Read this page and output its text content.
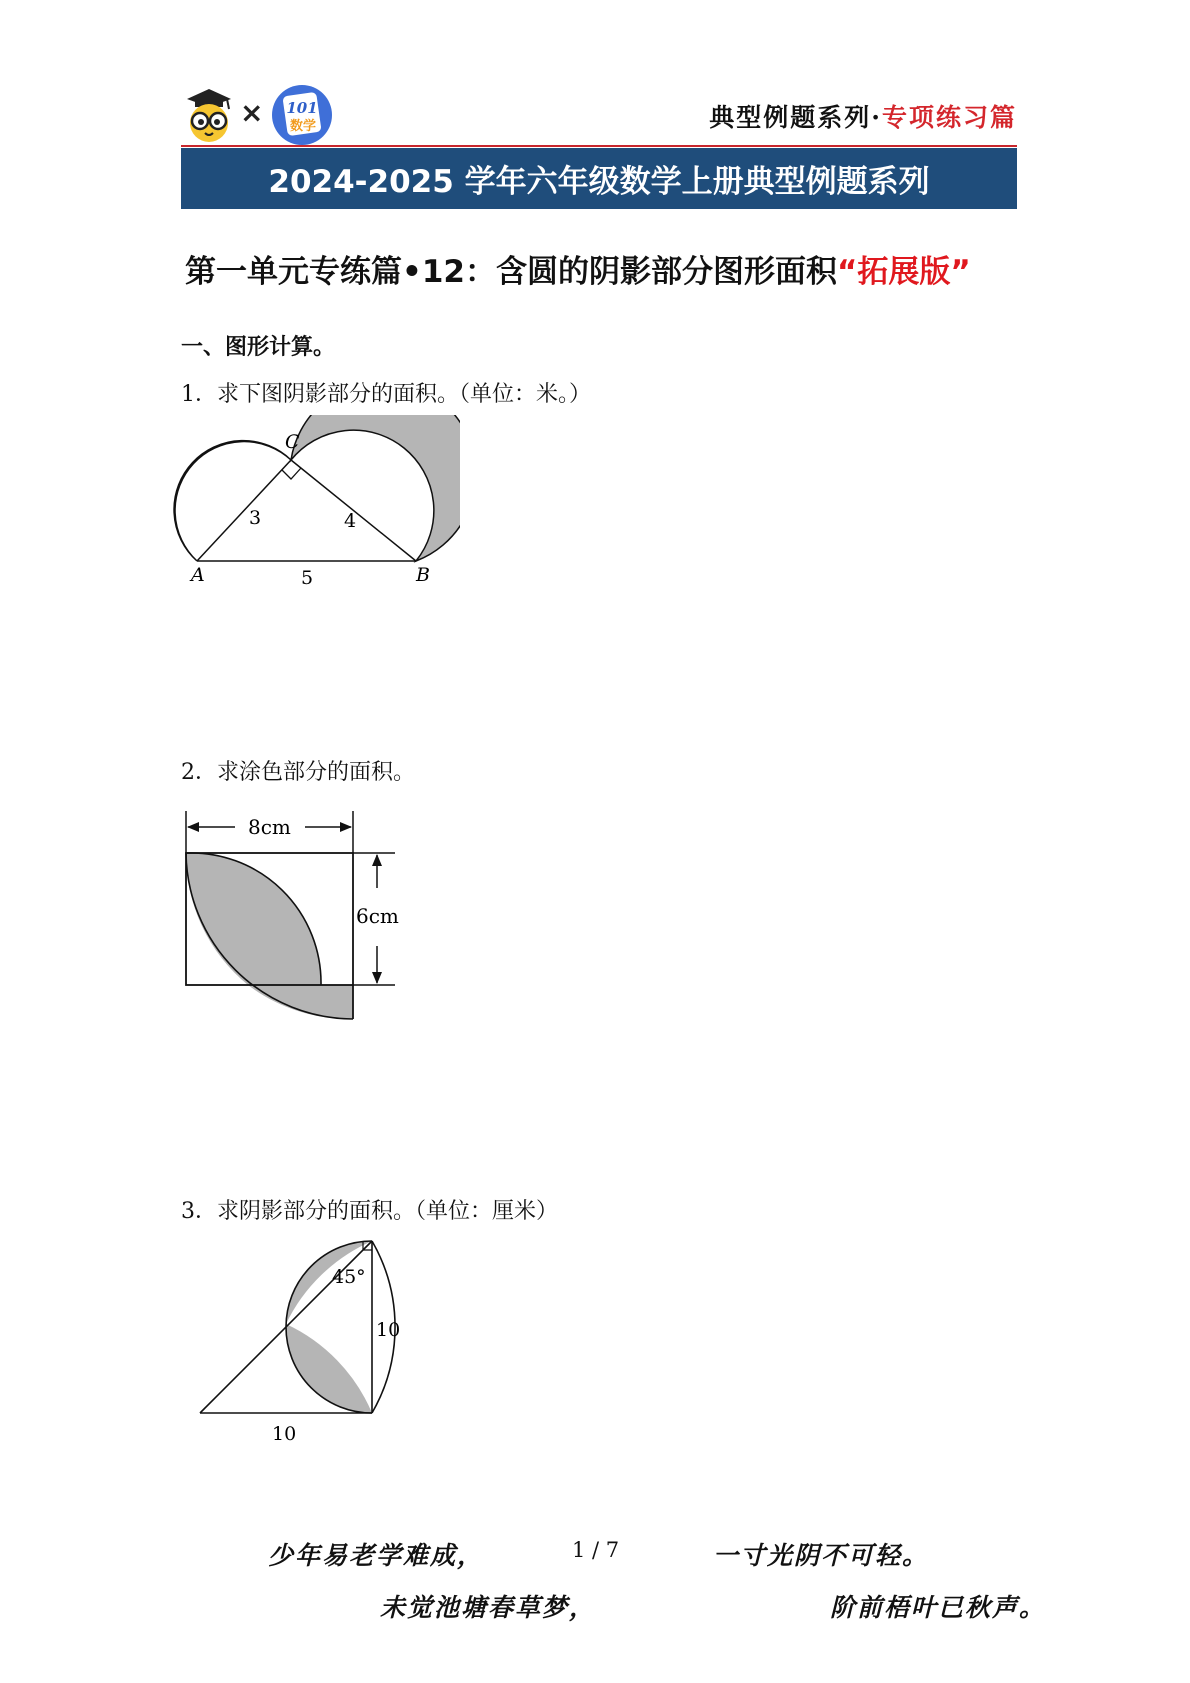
× 101
数学	典型例题系列·专项练习篇
2024-2025 学年六年级数学上册典型例题系列
第一单元专练篇•12：含圆的阴影部分图形面积“拓展版”
一、图形计算。
1．求下图阴影部分的面积。（单位：米。）
C
A	B
3	4
5
2．求涂色部分的面积。
8cm
6cm
3．求阴影部分的面积。（单位：厘米）
45°
10
10
少年易老学难成，	1 / 7	一寸光阴不可轻。
未觉池塘春草梦，	阶前梧叶已秋声。
